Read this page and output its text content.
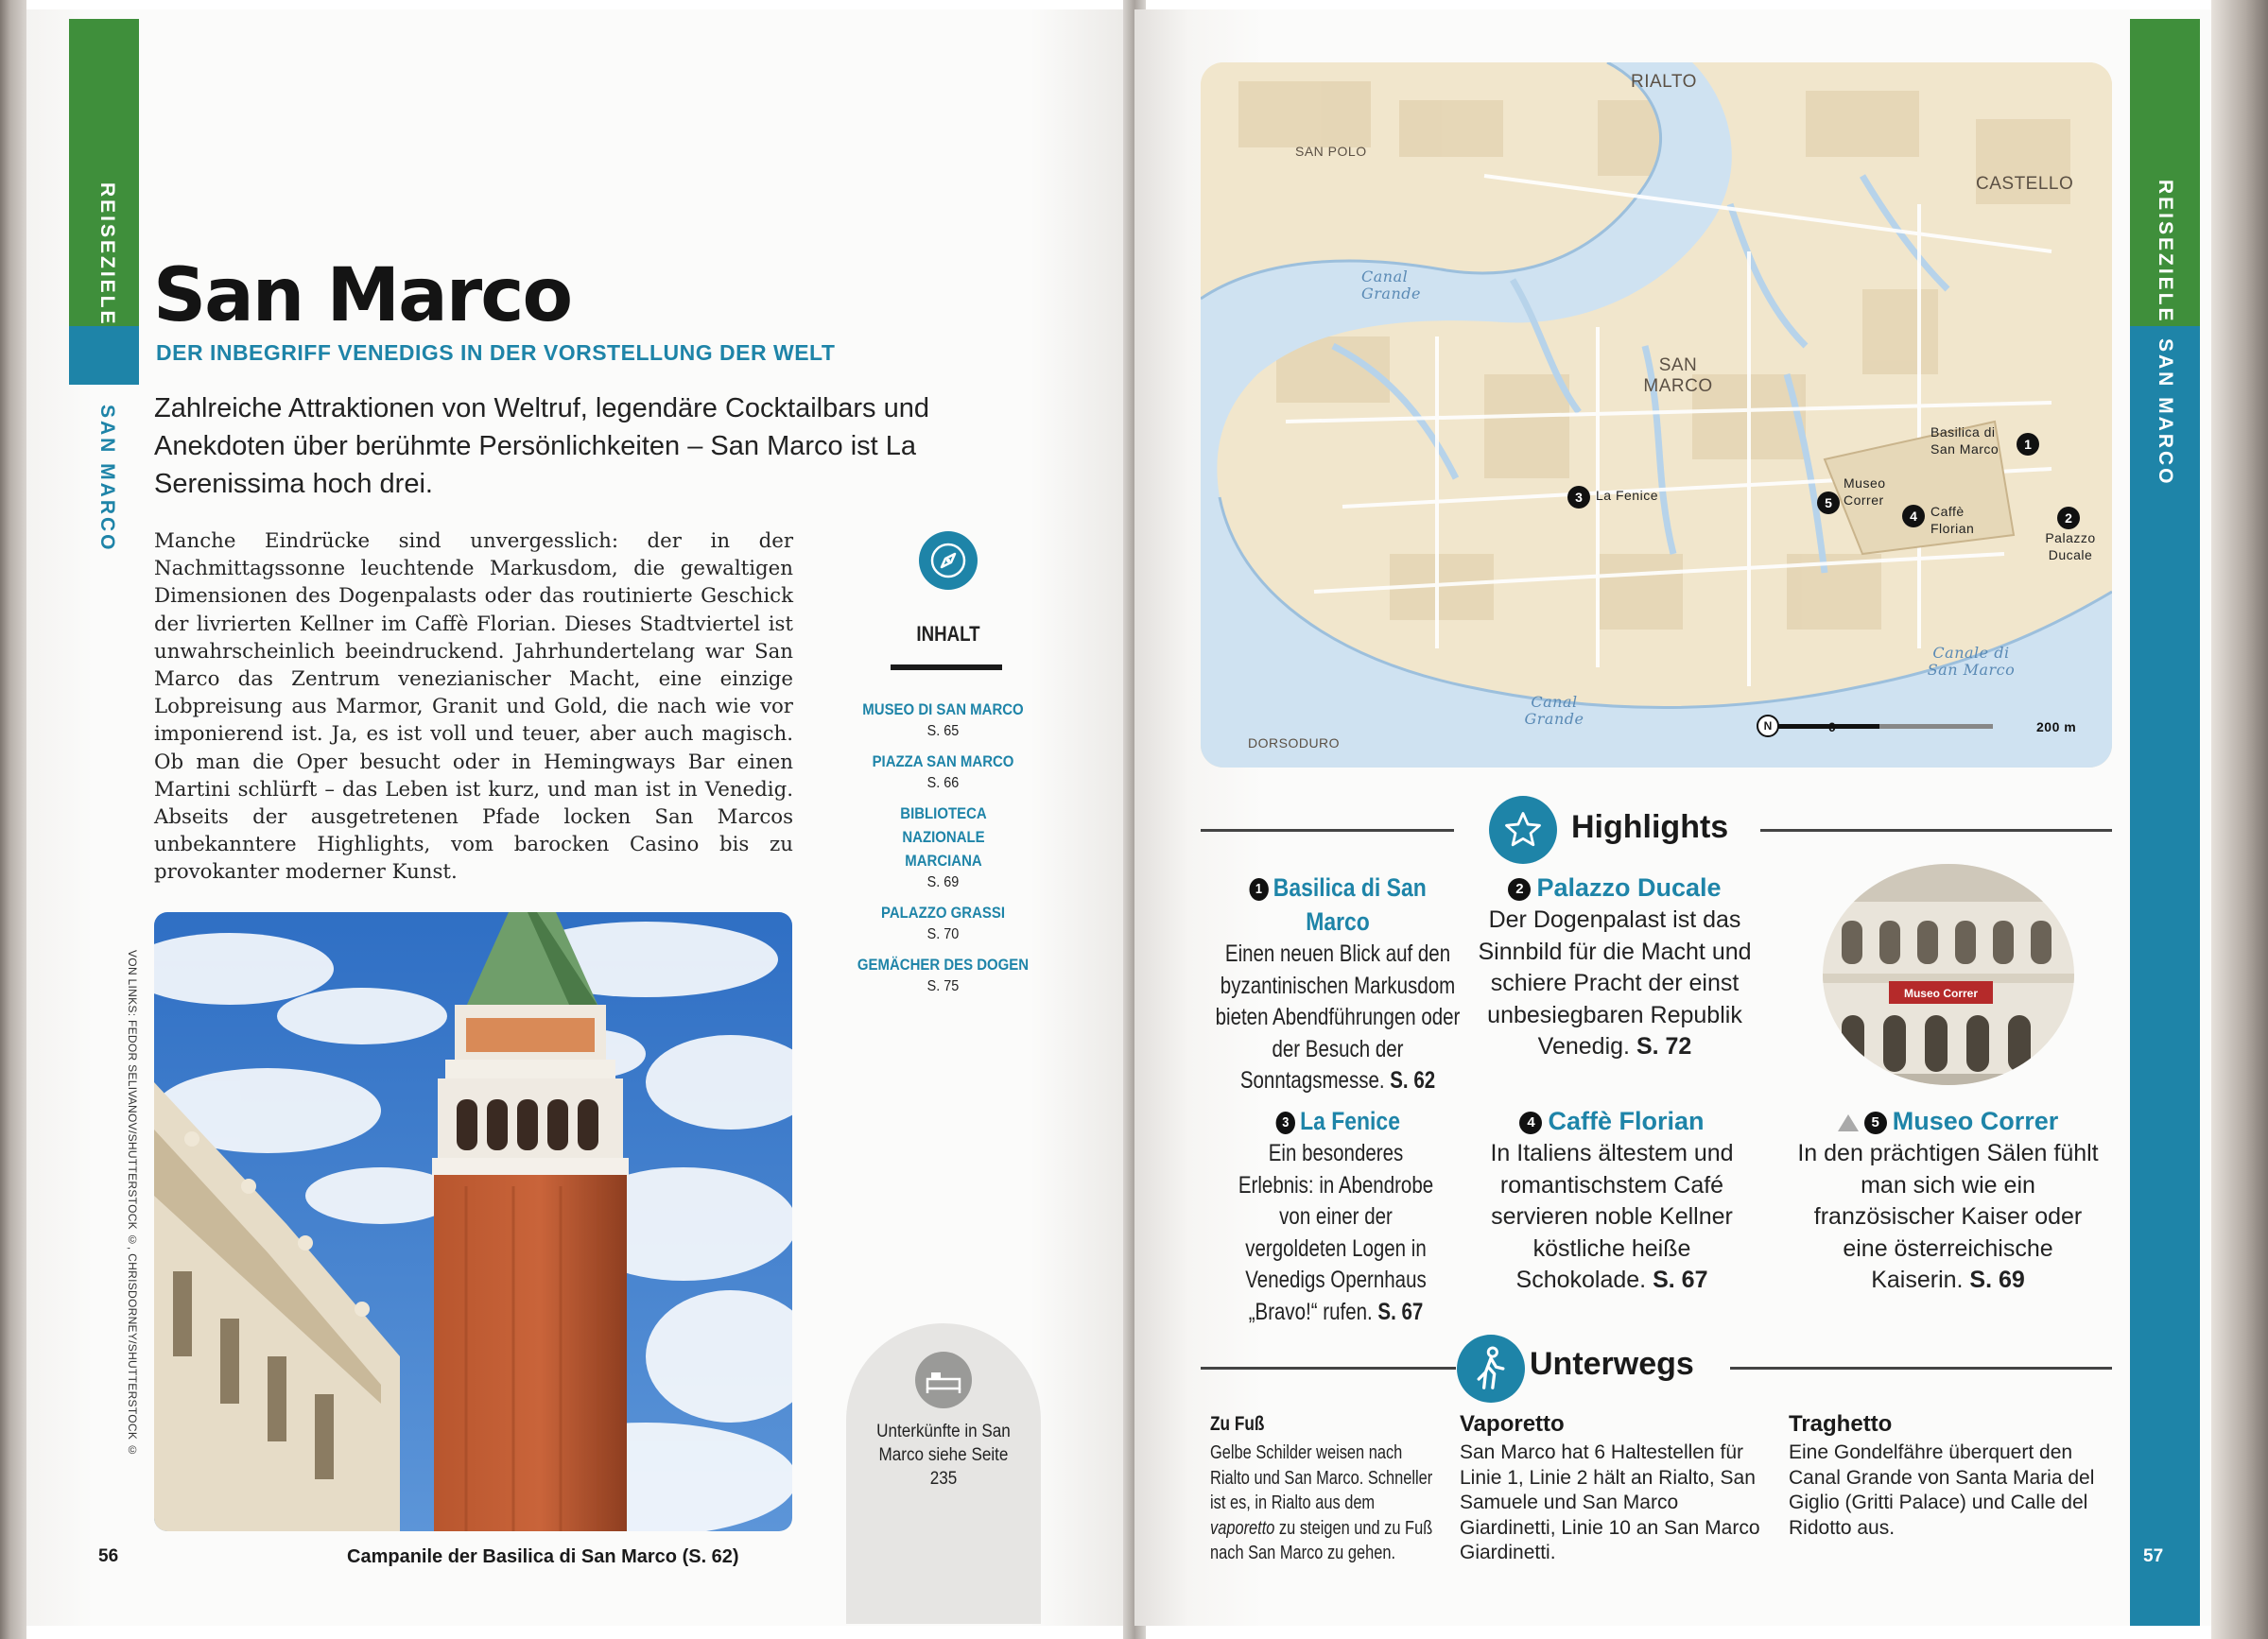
REISEZIELE
SAN MARCO
San Marco
DER INBEGRIFF VENEDIGS IN DER VORSTELLUNG DER WELT
Zahlreiche Attraktionen von Weltruf, legendäre Cocktailbars und Anekdoten über berühmte Persönlichkeiten – San Marco ist La Serenissima hoch drei.
Manche Eindrücke sind unvergesslich: der in der Nachmittagssonne leuchtende Markusdom, die gewaltigen Dimensionen des Dogenpalasts oder das routinierte Geschick der livrierten Kellner im Caffè Florian. Dieses Stadtviertel ist unwahrscheinlich beeindruckend. Jahrhundertelang war San Marco das Zentrum venezianischer Macht, eine einzige Lobpreisung aus Marmor, Granit und Gold, die nach wie vor imponierend ist. Ja, es ist voll und teuer, aber auch magisch. Ob man die Oper besucht oder in Hemingways Bar einen Martini schlürft – das Leben ist kurz, und man ist in Venedig. Abseits der ausgetretenen Pfade locken San Marcos unbekanntere Highlights, vom barocken Casino bis zu provokanter moderner Kunst.
INHALT
MUSEO DI SAN MARCO
S. 65
PIAZZA SAN MARCO
S. 66
BIBLIOTECA NAZIONALE MARCIANA
S. 69
PALAZZO GRASSI
S. 70
GEMÄCHER DES DOGEN
S. 75
VON LINKS: FEDOR SELIVANOV/SHUTTERSTOCK ©, CHRISDORNEY/SHUTTERSTOCK ©
Campanile der Basilica di San Marco (S. 62)
56
Unterkünfte in San Marco siehe Seite 235
REISEZIELE
SAN MARCO
57
RIALTO
SAN POLO
CASTELLO
SAN MARCO
DORSODURO
Canal Grande
Canal Grande
Canale di San Marco
1
Basilica di San Marco
2
Palazzo Ducale
3	La Fenice
4	Caffè Florian
5
Museo Correr
N	0	200 m
Highlights
1 Basilica di San Marco
Einen neuen Blick auf den byzantinischen Markusdom bieten Abendführungen oder der Besuch der Sonntagsmesse. S. 62
2 Palazzo Ducale
Der Dogenpalast ist das Sinnbild für die Macht und schiere Pracht der einst unbesiegbaren Republik Venedig. S. 72
Museo Correr
3 La Fenice
Ein besonderes Erlebnis: in Abendrobe von einer der vergoldeten Logen in Venedigs Opernhaus „Bravo!“ rufen. S. 67
4 Caffè Florian
In Italiens ältestem und romantischstem Café servieren noble Kellner köstliche heiße Schokolade. S. 67
5 Museo Correr
In den prächtigen Sälen fühlt man sich wie ein französischer Kaiser oder eine österreichische Kaiserin. S. 69
Unterwegs
Zu Fuß
Gelbe Schilder weisen nach Rialto und San Marco. Schneller ist es, in Rialto aus dem vaporetto zu steigen und zu Fuß nach San Marco zu gehen.
Vaporetto
San Marco hat 6 Haltestellen für Linie 1, Linie 2 hält an Rialto, San Samuele und San Marco Giardinetti, Linie 10 an San Marco Giardinetti.
Traghetto
Eine Gondelfähre überquert den Canal Grande von Santa Maria del Giglio (Gritti Palace) und Calle del Ridotto aus.
